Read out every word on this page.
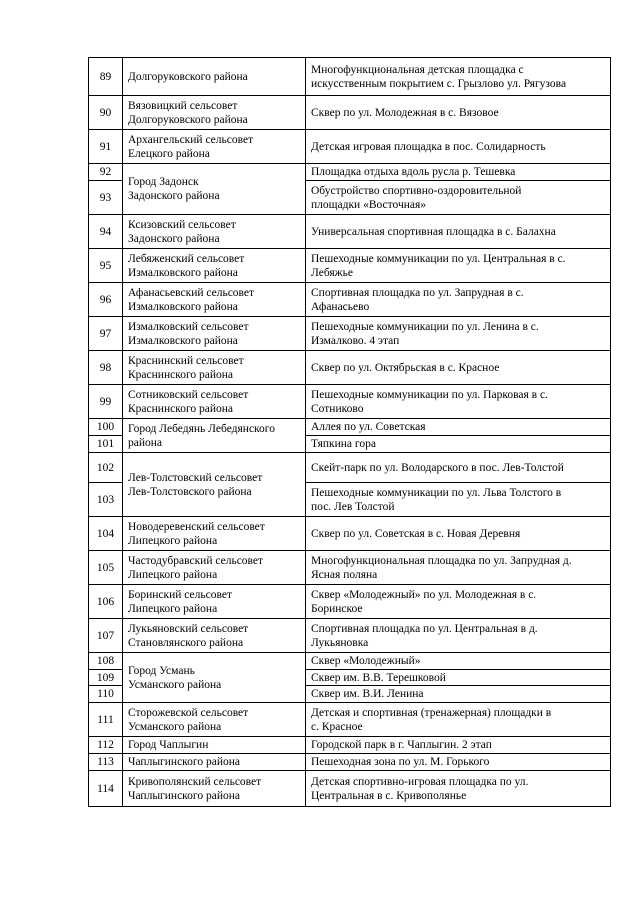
89	Долгоруковского района	Многофункциональная детская площадка с
искусственным покрытием с. Грызлово ул. Рягузова

90	Вязовицкий сельсовет
Долгоруковского района	Сквер по ул. Молодежная в с. Вязовое

91	Архангельский сельсовет
Елецкого района	Детская игровая площадка в пос. Солидарность

92	Город Задонск
Задонского района	Площадка отдыха вдоль русла р. Тешевка

93		Обустройство спортивно-оздоровительной
площадки «Восточная»

94	Ксизовский сельсовет
Задонского района	Универсальная спортивная площадка в с. Балахна

95	Лебяженский сельсовет
Измалковского района	Пешеходные коммуникации по ул. Центральная в с.
Лебяжье

96	Афанасьевский сельсовет
Измалковского района	Спортивная площадка по ул. Запрудная в с.
Афанасьево

97	Измалковский сельсовет
Измалковского района	Пешеходные коммуникации по ул. Ленина в с.
Измалково. 4 этап

98	Краснинский сельсовет
Краснинского района	Сквер по ул. Октябрьская в с. Красное

99	Сотниковский сельсовет
Краснинского района	Пешеходные коммуникации по ул. Парковая в с.
Сотниково

100	Город Лебедянь Лебедянского
района	Аллея по ул. Советская

101		Тяпкина гора

102	Лев-Толстовский сельсовет
Лев-Толстовского района	Скейт-парк по ул. Володарского в пос. Лев-Толстой

103		Пешеходные коммуникации по ул. Льва Толстого в
пос. Лев Толстой

104	Новодеревенский сельсовет
Липецкого района	Сквер по ул. Советская в с. Новая Деревня

105	Частодубравский сельсовет
Липецкого района	Многофункциональная площадка по ул. Запрудная д.
Ясная поляна

106	Боринский сельсовет
Липецкого района	Сквер «Молодежный» по ул. Молодежная в с.
Боринское

107	Лукьяновский сельсовет
Становлянского района	Спортивная площадка по ул. Центральная в д.
Лукьяновка

108	Город Усмань
Усманского района	Сквер «Молодежный»

109		Сквер им. В.В. Терешковой

110		Сквер им. В.И. Ленина

111	Сторожевской сельсовет
Усманского района	Детская и спортивная (тренажерная) площадки в
с. Красное

112	Город Чаплыгин	Городской парк в г. Чаплыгин. 2 этап

113	Чаплыгинского района	Пешеходная зона по ул. М. Горького

114	Кривополянский сельсовет
Чаплыгинского района	Детская спортивно-игровая площадка по ул.
Центральная в с. Кривополянье
